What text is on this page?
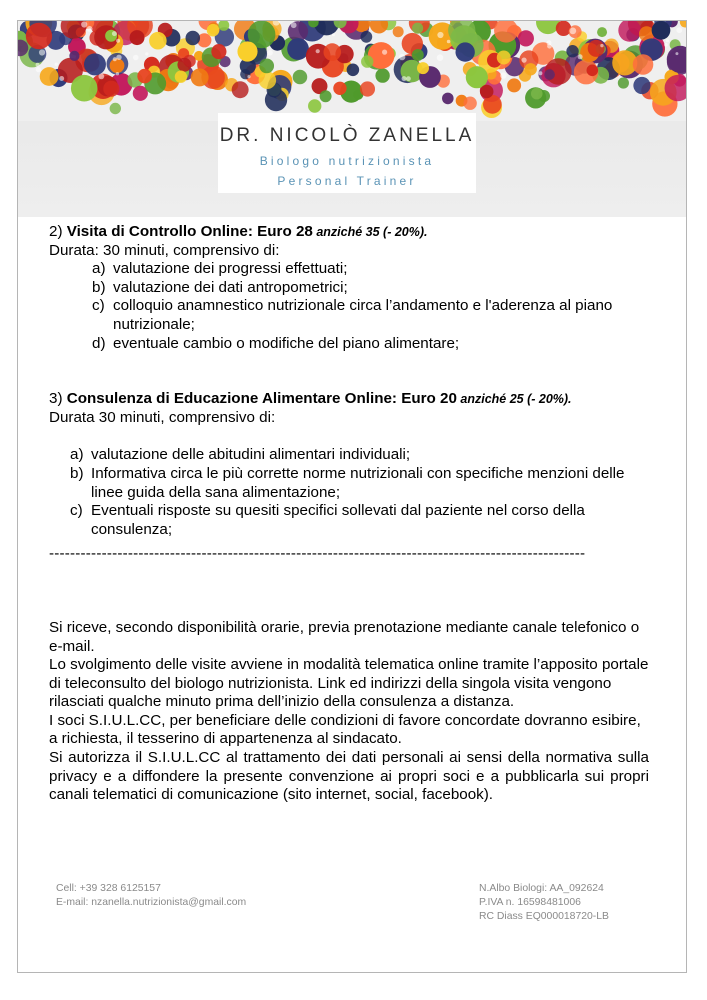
DR. NICOLÒ ZANELLA
Biologo nutrizionista
Personal Trainer

2) Visita di Controllo Online: Euro 28 anziché 35 (- 20%).

Durata: 30 minuti, comprensivo di:

a) valutazione dei progressi effettuati;
b) valutazione dei dati antropometrici;
c) colloquio anamnestico nutrizionale circa l’andamento e l'aderenza al piano nutrizionale;
d) eventuale cambio o modifiche del piano alimentare;

3) Consulenza di Educazione Alimentare Online: Euro 20 anziché 25 (- 20%).

Durata 30 minuti, comprensivo di:

a) valutazione delle abitudini alimentari individuali;
b) Informativa circa le più corrette norme nutrizionali con specifiche menzioni delle linee guida della sana alimentazione;
c) Eventuali risposte su quesiti specifici sollevati dal paziente nel corso della consulenza;
------------------------------------------------------------------------------------------------------

Si riceve, secondo disponibilità orarie, previa prenotazione mediante canale telefonico o e-mail.

Lo svolgimento delle visite avviene in modalità telematica online tramite l’apposito portale di teleconsulto del biologo nutrizionista. Link ed indirizzi della singola visita vengono rilasciati qualche minuto prima dell’inizio della consulenza a distanza.

I soci S.I.U.L.CC, per beneficiare delle condizioni di favore concordate dovranno esibire, a richiesta, il tesserino di appartenenza al sindacato.

Si autorizza il S.I.U.L.CC al trattamento dei dati personali ai sensi della normativa sulla privacy e a diffondere la presente convenzione ai propri soci e a pubblicarla sui propri canali telematici di comunicazione (sito internet, social, facebook).

Cell: +39 328 6125157
E-mail: nzanella.nutrizionista@gmail.com
N.Albo Biologi: AA_092624
P.IVA n. 16598481006
RC Diass EQ000018720-LB
